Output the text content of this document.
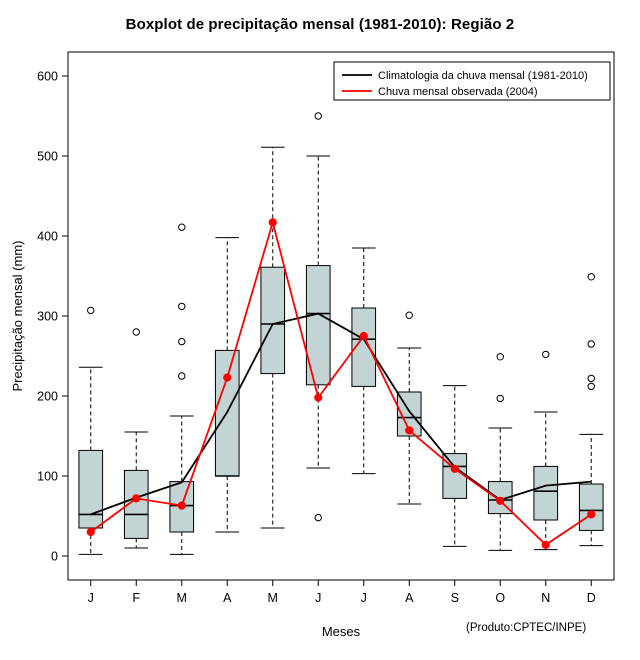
Boxplot de precipitação mensal (1981-2010): Região 2
0
100
200
300
400
500
600
Precipitação mensal (mm)
J	F	M	A	M	J	J	A	S	O	N	D
Meses
Climatologia da chuva mensal (1981-2010)
Chuva mensal observada (2004)
(Produto:CPTEC/INPE)
